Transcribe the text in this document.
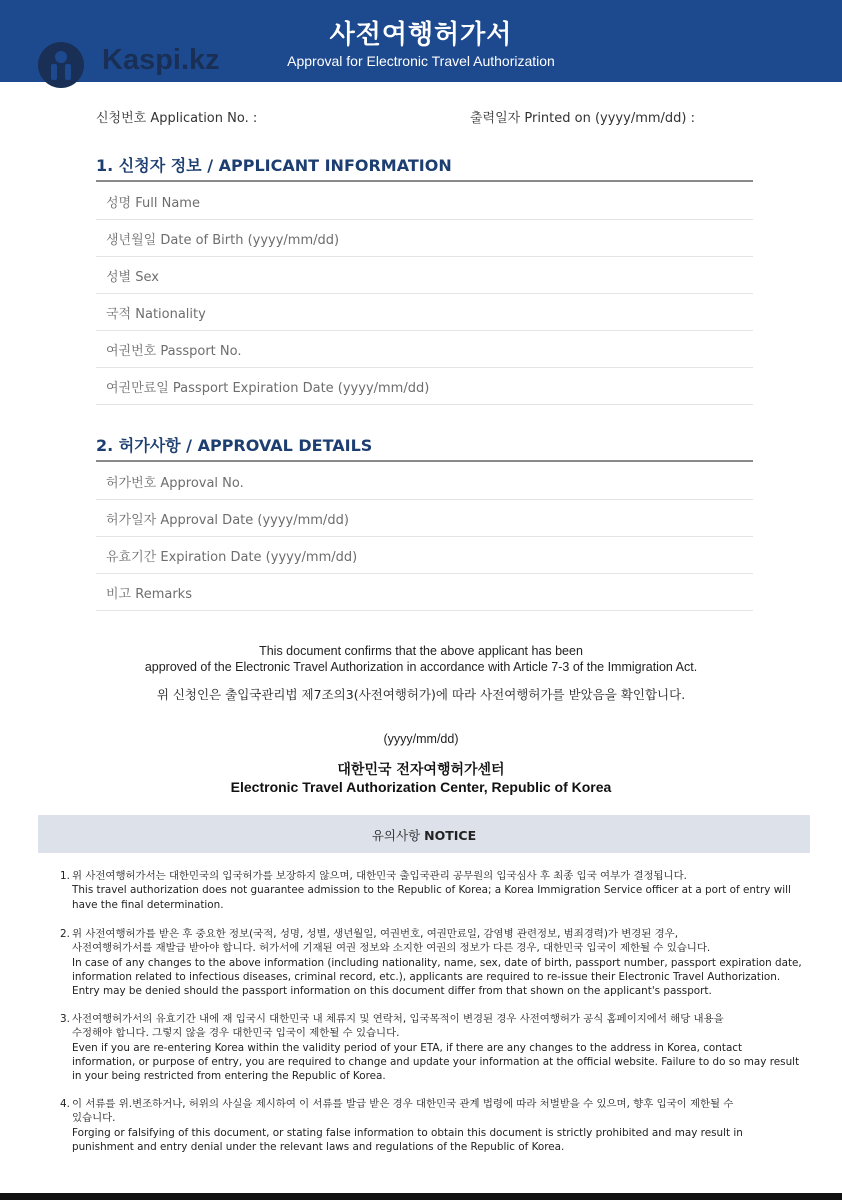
사전여행허가서
Approval for Electronic Travel Authorization
Kaspi.kz
신청번호 Application No. :	출력일자 Printed on (yyyy/mm/dd) :
1. 신청자 정보 / APPLICANT INFORMATION
성명 Full Name
생년월일 Date of Birth (yyyy/mm/dd)
성별 Sex
국적 Nationality
여권번호 Passport No.
여권만료일 Passport Expiration Date (yyyy/mm/dd)
2. 허가사항 / APPROVAL DETAILS
허가번호 Approval No.
허가일자 Approval Date (yyyy/mm/dd)
유효기간 Expiration Date (yyyy/mm/dd)
비고 Remarks
This document confirms that the above applicant has been
approved of the Electronic Travel Authorization in accordance with Article 7-3 of the Immigration Act.
위 신청인은 출입국관리법 제7조의3(사전여행허가)에 따라 사전여행허가를 받았음을 확인합니다.
(yyyy/mm/dd)
대한민국 전자여행허가센터
Electronic Travel Authorization Center, Republic of Korea
유의사항 NOTICE
1. 위 사전여행허가서는 대한민국의 입국허가를 보장하지 않으며, 대한민국 출입국관리 공무원의 입국심사 후 최종 입국 여부가 결정됩니다.
This travel authorization does not guarantee admission to the Republic of Korea; a Korea Immigration Service officer at a port of entry will
have the final determination.
2. 위 사전여행허가를 받은 후 중요한 정보(국적, 성명, 성별, 생년월일, 여권번호, 여권만료일, 감염병 관련정보, 범죄경력)가 변경된 경우,
사전여행허가서를 재발급 받아야 합니다. 허가서에 기재된 여권 정보와 소지한 여권의 정보가 다른 경우, 대한민국 입국이 제한될 수 있습니다.
In case of any changes to the above information (including nationality, name, sex, date of birth, passport number, passport expiration date,
information related to infectious diseases, criminal record, etc.), applicants are required to re-issue their Electronic Travel Authorization.
Entry may be denied should the passport information on this document differ from that shown on the applicant's passport.
3. 사전여행허가서의 유효기간 내에 재 입국시 대한민국 내 체류지 및 연락처, 입국목적이 변경된 경우 사전여행허가 공식 홈페이지에서 해당 내용을
수정해야 합니다. 그렇지 않을 경우 대한민국 입국이 제한될 수 있습니다.
Even if you are re-entering Korea within the validity period of your ETA, if there are any changes to the address in Korea, contact
information, or purpose of entry, you are required to change and update your information at the official website. Failure to do so may result
in your being restricted from entering the Republic of Korea.
4. 이 서류를 위.변조하거나, 허위의 사실을 제시하여 이 서류를 발급 받은 경우 대한민국 관계 법령에 따라 처벌받을 수 있으며, 향후 입국이 제한될 수
있습니다.
Forging or falsifying of this document, or stating false information to obtain this document is strictly prohibited and may result in
punishment and entry denial under the relevant laws and regulations of the Republic of Korea.
